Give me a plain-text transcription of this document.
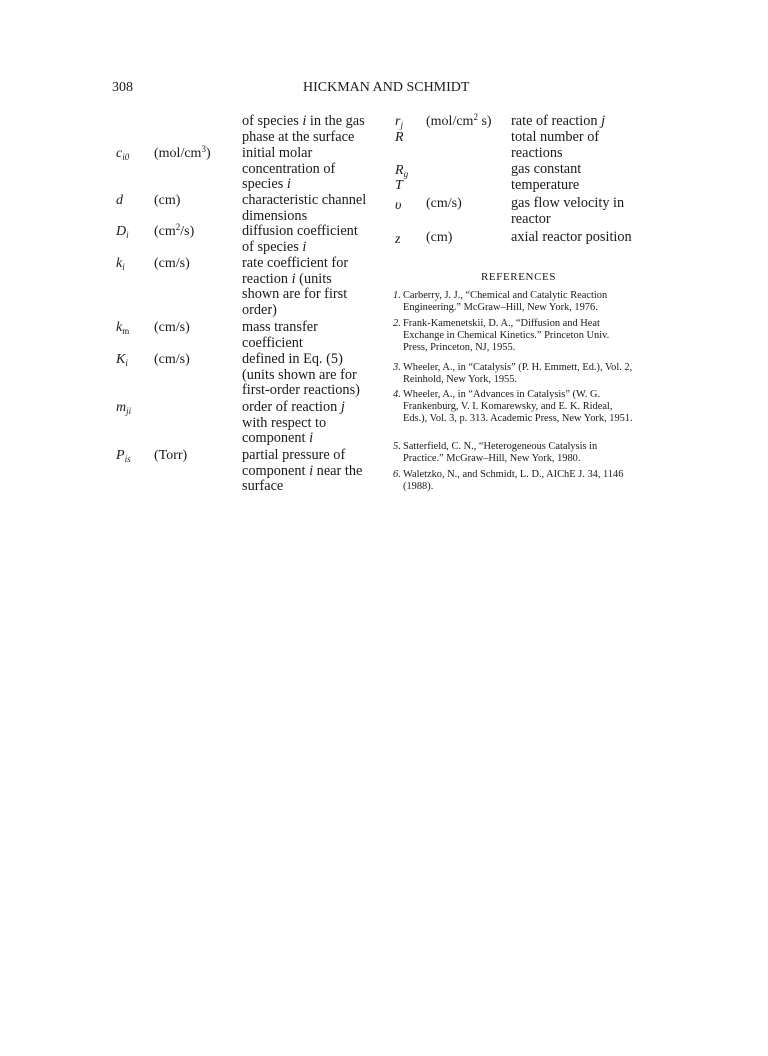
308	HICKMAN AND SCHMIDT
of species i in the gas
phase at the surface
$c_{i0}$ $(mol/cm^3)$ initial molar
concentration of
species i
d (cm)	characteristic channel
dimensions
$D_i$ $(cm^2/s)$	diffusion coefficient
of species i
$k_i$ (cm/s)	rate coefficient for
reaction i (units
shown are for first
order)
$k_m$ (cm/s)	mass transfer
coefficient
$K_i$ (cm/s)	defined in Eq. (5)
(units shown are for
first-order reactions)
$m_{ji}$	order of reaction j
with respect to
component i
$P_{is}$ (Torr)	partial pressure of
component i near the
surface
$r_j$ ($mol/cm^2$ s) rate of reaction j
R	total number of
reactions
$R_g$	gas constant
T	temperature
υ (cm/s)	gas flow velocity in
reactor
z (cm)	axial reactor position
REFERENCES
1. Carberry, J. J., “Chemical and Catalytic Reaction Engineering.” McGraw–Hill, New York, 1976.
2. Frank-Kamenetskii, D. A., “Diffusion and Heat Exchange in Chemical Kinetics.” Princeton Univ. Press, Princeton, NJ, 1955.
3. Wheeler, A., in “Catalysis” (P. H. Emmett, Ed.), Vol. 2, Reinhold, New York, 1955.
4. Wheeler, A., in “Advances in Catalysis” (W. G. Frankenburg, V. I. Komarewsky, and E. K. Rideal, Eds.), Vol. 3, p. 313. Academic Press, New York, 1951.
5. Satterfield, C. N., “Heterogeneous Catalysis in Practice.” McGraw–Hill, New York, 1980.
6. Waletzko, N., and Schmidt, L. D., AIChE J. 34, 1146 (1988).
